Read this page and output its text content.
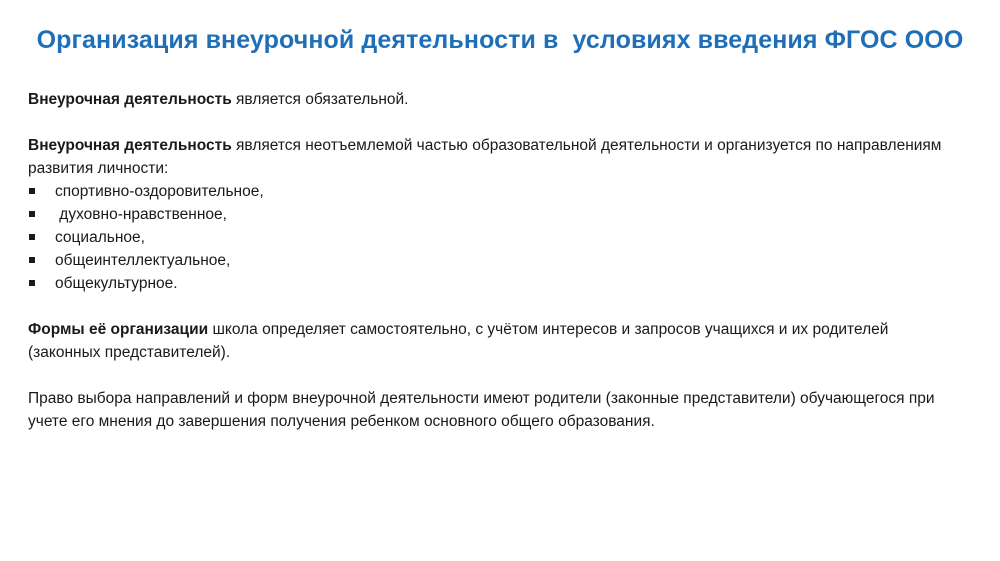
Организация внеурочной деятельности в  условиях введения ФГОС ООО

Внеурочная деятельность является обязательной.

Внеурочная деятельность является неотъемлемой частью образовательной деятельности и организуется по направлениям развития личности:

спортивно-оздоровительное,
духовно-нравственное,
социальное,
общеинтеллектуальное,
общекультурное.

Формы её организации школа определяет самостоятельно, с учётом интересов и запросов учащихся и их родителей (законных представителей).

Право выбора направлений и форм внеурочной деятельности имеют родители (законные представители) обучающегося при учете его мнения до завершения получения ребенком основного общего образования.
